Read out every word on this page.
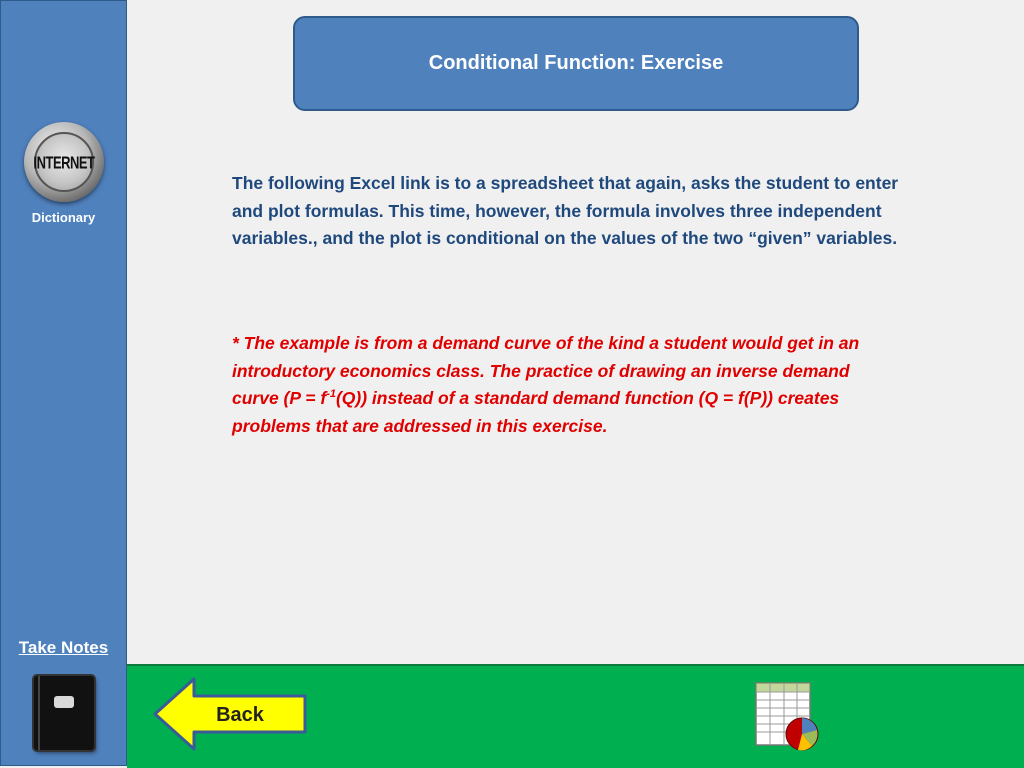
INTERNET
Dictionary
Take Notes
Conditional Function: Exercise

The following Excel link is to a spreadsheet that again, asks the student to enter and plot formulas. This time, however, the formula involves three independent variables., and the plot is conditional on the values of the two “given” variables.

* The example is from a demand curve of the kind a student would get in an introductory economics class. The practice of drawing an inverse demand curve $(P = f^{-1}(Q))$ instead of a standard demand function (Q = f(P)) creates problems that are addressed in this exercise.

Back
